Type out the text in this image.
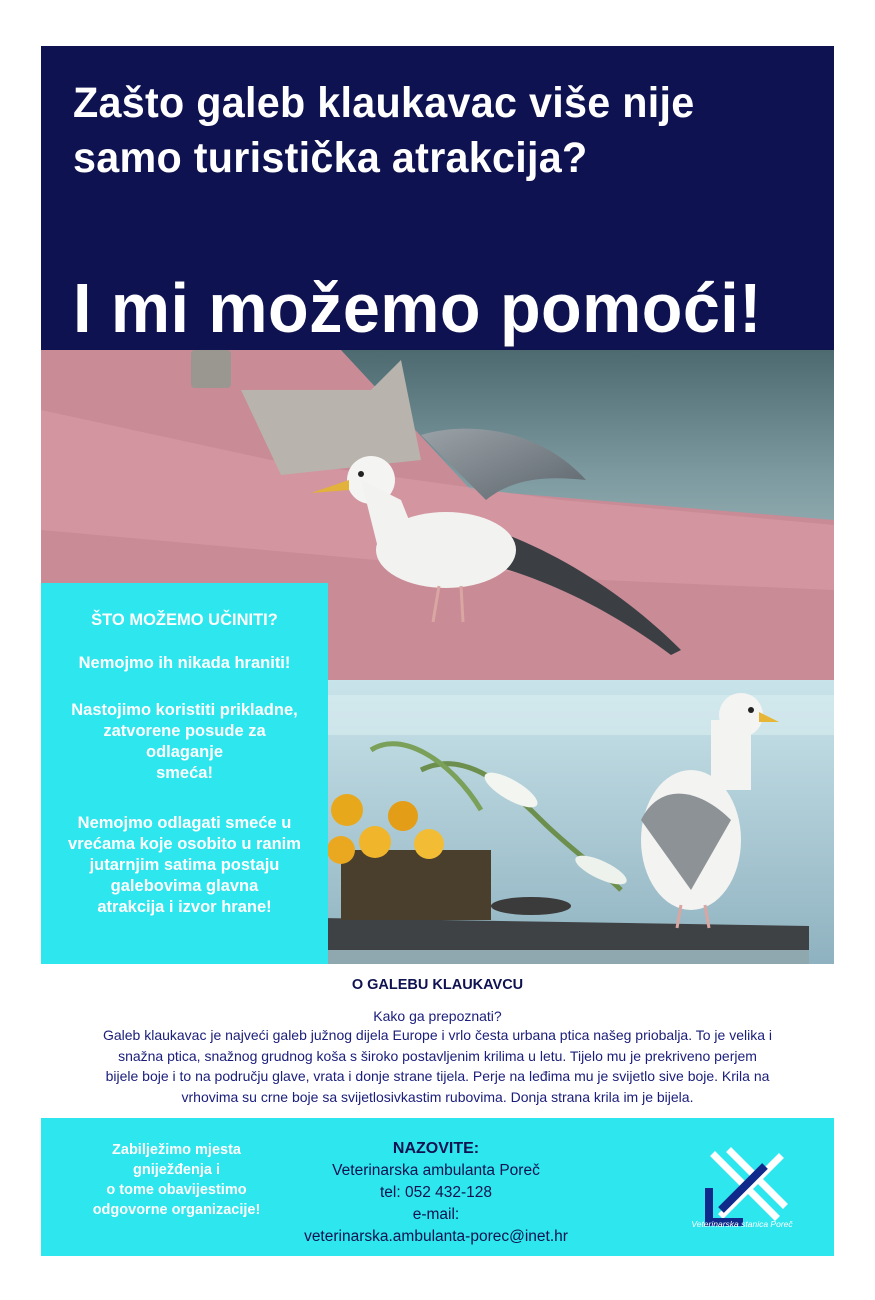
Zašto galeb klaukavac više nije
samo turistička atrakcija?
I mi možemo pomoći!
ŠTO MOŽEMO UČINITI?
Nemojmo ih nikada hraniti!
Nastojimo koristiti prikladne,
zatvorene posude za
odlaganje
smeća!
Nemojmo odlagati smeće u
vrećama koje osobito u ranim
jutarnjim satima postaju
galebovima glavna
atrakcija i izvor hrane!
O GALEBU KLAUKAVCU
Kako ga prepoznati?
Galeb klaukavac je najveći galeb južnog dijela Europe i vrlo česta urbana ptica našeg priobalja. To je velika i
snažna ptica, snažnog grudnog koša s široko postavljenim krilima u letu. Tijelo mu je prekriveno perjem
bijele boje i to na području glave, vrata i donje strane tijela. Perje na leđima mu je svijetlo sive boje. Krila na
vrhovima su crne boje sa svijetlosivkastim rubovima. Donja strana krila im je bijela.
Zabilježimo mjesta
gniježđenja i
o tome obavijestimo
odgovorne organizacije!
NAZOVITE:
Veterinarska ambulanta Poreč
tel: 052 432-128
e-mail:
veterinarska.ambulanta-porec@inet.hr
Veterinarska stanica Poreč
